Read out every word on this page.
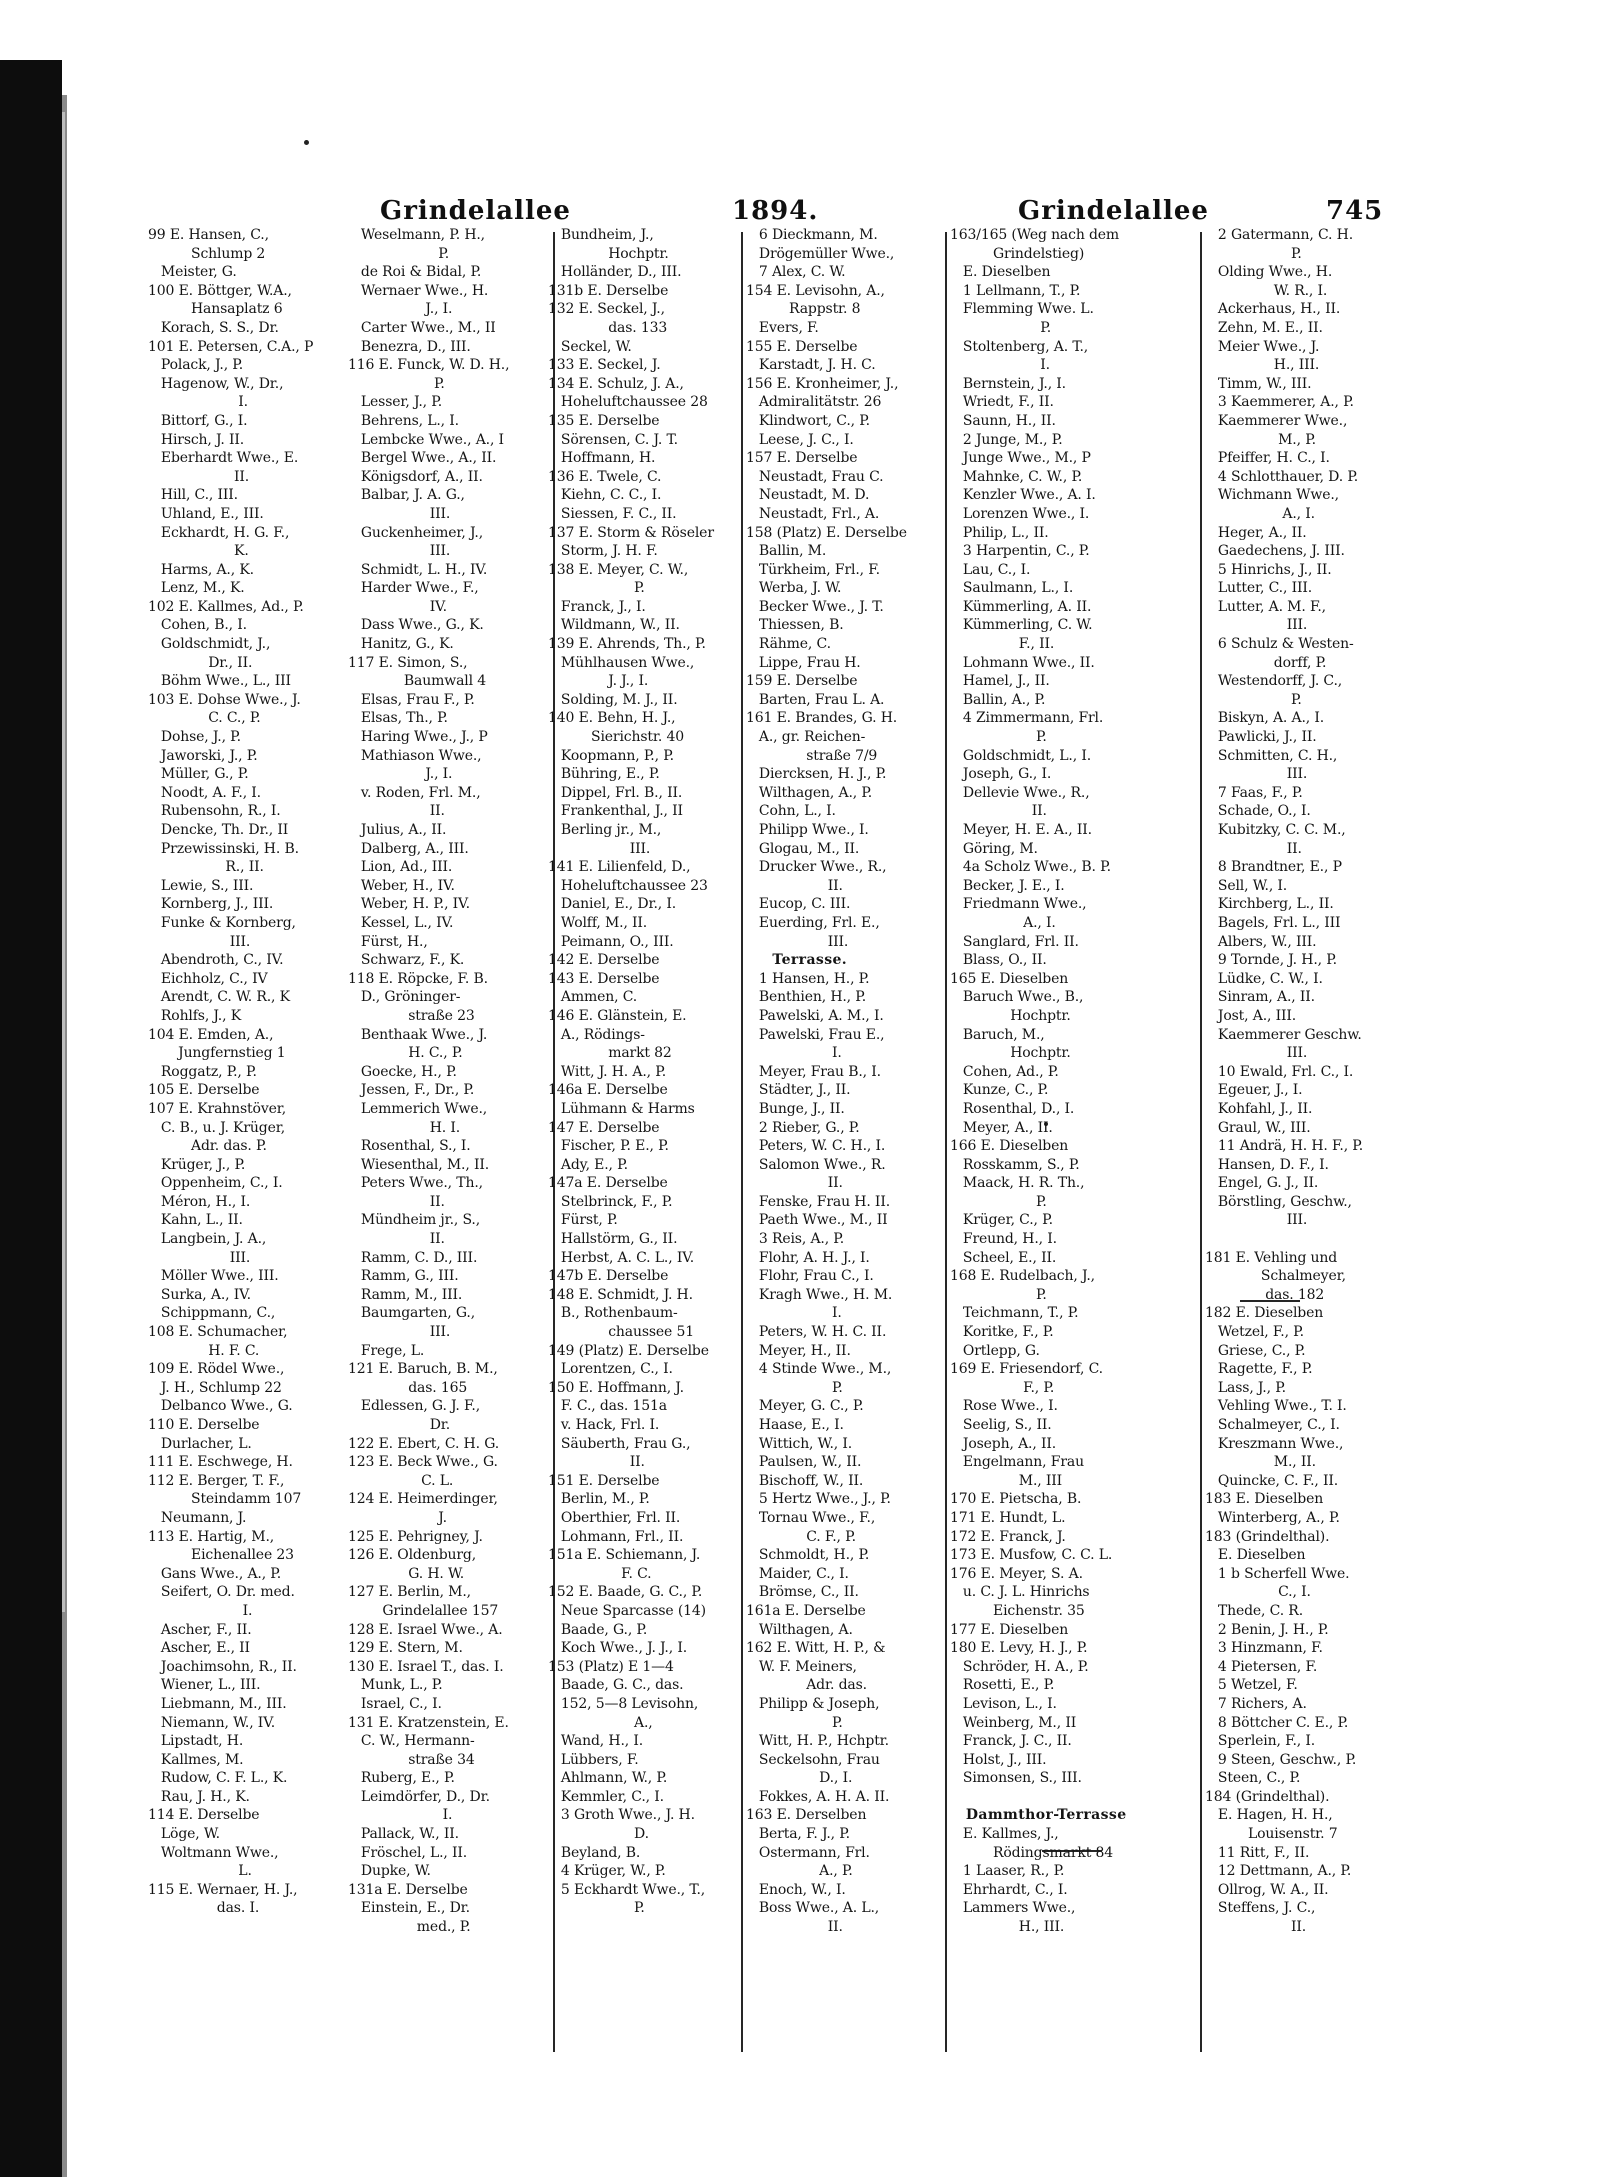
Grindelallee	1894.	Grindelallee	745
99 E. Hansen, C.,
Schlump 2
Meister, G.
100 E. Böttger, W.A.,
Hansaplatz 6
Korach, S. S., Dr.
101 E. Petersen, C.A., P
Polack, J., P.
Hagenow, W., Dr.,
I.
Bittorf, G., I.
Hirsch, J. II.
Eberhardt Wwe., E.
II.
Hill, C., III.
Uhland, E., III.
Eckhardt, H. G. F.,
K.
Harms, A., K.
Lenz, M., K.
102 E. Kallmes, Ad., P.
Cohen, B., I.
Goldschmidt, J.,
Dr., II.
Böhm Wwe., L., III
103 E. Dohse Wwe., J.
C. C., P.
Dohse, J., P.
Jaworski, J., P.
Müller, G., P.
Noodt, A. F., I.
Rubensohn, R., I.
Dencke, Th. Dr., II
Przewissinski, H. B.
R., II.
Lewie, S., III.
Kornberg, J., III.
Funke & Kornberg,
III.
Abendroth, C., IV.
Eichholz, C., IV
Arendt, C. W. R., K
Rohlfs, J., K
104 E. Emden, A.,
Jungfernstieg 1
Roggatz, P., P.
105 E. Derselbe
107 E. Krahnstöver,
C. B., u. J. Krüger,
Adr. das. P.
Krüger, J., P.
Oppenheim, C., I.
Méron, H., I.
Kahn, L., II.
Langbein, J. A.,
III.
Möller Wwe., III.
Surka, A., IV.
Schippmann, C.,
108 E. Schumacher,
H. F. C.
109 E. Rödel Wwe.,
J. H., Schlump 22
Delbanco Wwe., G.
110 E. Derselbe
Durlacher, L.
111 E. Eschwege, H.
112 E. Berger, T. F.,
Steindamm 107
Neumann, J.
113 E. Hartig, M.,
Eichenallee 23
Gans Wwe., A., P.
Seifert, O. Dr. med.
I.
Ascher, F., II.
Ascher, E., II
Joachimsohn, R., II.
Wiener, L., III.
Liebmann, M., III.
Niemann, W., IV.
Lipstadt, H.
Kallmes, M.
Rudow, C. F. L., K.
Rau, J. H., K.
114 E. Derselbe
Löge, W.
Woltmann Wwe.,
L.
115 E. Wernaer, H. J.,
das. I.
Weselmann, P. H.,
P.
de Roi & Bidal, P.
Wernaer Wwe., H.
J., I.
Carter Wwe., M., II
Benezra, D., III.
116 E. Funck, W. D. H.,
P.
Lesser, J., P.
Behrens, L., I.
Lembcke Wwe., A., I
Bergel Wwe., A., II.
Königsdorf, A., II.
Balbar, J. A. G.,
III.
Guckenheimer, J.,
III.
Schmidt, L. H., IV.
Harder Wwe., F.,
IV.
Dass Wwe., G., K.
Hanitz, G., K.
117 E. Simon, S.,
Baumwall 4
Elsas, Frau F., P.
Elsas, Th., P.
Haring Wwe., J., P
Mathiason Wwe.,
J., I.
v. Roden, Frl. M.,
II.
Julius, A., II.
Dalberg, A., III.
Lion, Ad., III.
Weber, H., IV.
Weber, H. P., IV.
Kessel, L., IV.
Fürst, H.,
Schwarz, F., K.
118 E. Röpcke, F. B.
D., Gröninger-
straße 23
Benthaak Wwe., J.
H. C., P.
Goecke, H., P.
Jessen, F., Dr., P.
Lemmerich Wwe.,
H. I.
Rosenthal, S., I.
Wiesenthal, M., II.
Peters Wwe., Th.,
II.
Mündheim jr., S.,
II.
Ramm, C. D., III.
Ramm, G., III.
Ramm, M., III.
Baumgarten, G.,
III.
Frege, L.
121 E. Baruch, B. M.,
das. 165
Edlessen, G. J. F.,
Dr.
122 E. Ebert, C. H. G.
123 E. Beck Wwe., G.
C. L.
124 E. Heimerdinger,
J.
125 E. Pehrigney, J.
126 E. Oldenburg,
G. H. W.
127 E. Berlin, M.,
Grindelallee 157
128 E. Israel Wwe., A.
129 E. Stern, M.
130 E. Israel T., das. I.
Munk, L., P.
Israel, C., I.
131 E. Kratzenstein, E.
C. W., Hermann-
straße 34
Ruberg, E., P.
Leimdörfer, D., Dr.
I.
Pallack, W., II.
Fröschel, L., II.
Dupke, W.
131a E. Derselbe
Einstein, E., Dr.
med., P.
Bundheim, J.,
Hochptr.
Holländer, D., III.
131b E. Derselbe
132 E. Seckel, J.,
das. 133
Seckel, W.
133 E. Seckel, J.
134 E. Schulz, J. A.,
Hoheluftchaussee 28
135 E. Derselbe
Sörensen, C. J. T.
Hoffmann, H.
136 E. Twele, C.
Kiehn, C. C., I.
Siessen, F. C., II.
137 E. Storm & Röseler
Storm, J. H. F.
138 E. Meyer, C. W.,
P.
Franck, J., I.
Wildmann, W., II.
139 E. Ahrends, Th., P.
Mühlhausen Wwe.,
J. J., I.
Solding, M. J., II.
140 E. Behn, H. J.,
Sierichstr. 40
Koopmann, P., P.
Bühring, E., P.
Dippel, Frl. B., II.
Frankenthal, J., II
Berling jr., M.,
III.
141 E. Lilienfeld, D.,
Hoheluftchaussee 23
Daniel, E., Dr., I.
Wolff, M., II.
Peimann, O., III.
142 E. Derselbe
143 E. Derselbe
Ammen, C.
146 E. Glänstein, E.
A., Rödings-
markt 82
Witt, J. H. A., P.
146a E. Derselbe
Lühmann & Harms
147 E. Derselbe
Fischer, P. E., P.
Ady, E., P.
147a E. Derselbe
Stelbrinck, F., P.
Fürst, P.
Hallstörm, G., II.
Herbst, A. C. L., IV.
147b E. Derselbe
148 E. Schmidt, J. H.
B., Rothenbaum-
chaussee 51
149 (Platz) E. Derselbe
Lorentzen, C., I.
150 E. Hoffmann, J.
F. C., das. 151a
v. Hack, Frl. I.
Säuberth, Frau G.,
II.
151 E. Derselbe
Berlin, M., P.
Oberthier, Frl. II.
Lohmann, Frl., II.
151a E. Schiemann, J.
F. C.
152 E. Baade, G. C., P.
Neue Sparcasse (14)
Baade, G., P.
Koch Wwe., J. J., I.
153 (Platz) E 1—4
Baade, G. C., das.
152, 5—8 Levisohn,
A.,
Wand, H., I.
Lübbers, F.
Ahlmann, W., P.
Kemmler, C., I.
3 Groth Wwe., J. H.
D.
Beyland, B.
4 Krüger, W., P.
5 Eckhardt Wwe., T.,
P.
6 Dieckmann, M.
Drögemüller Wwe.,
7 Alex, C. W.
154 E. Levisohn, A.,
Rappstr. 8
Evers, F.
155 E. Derselbe
Karstadt, J. H. C.
156 E. Kronheimer, J.,
Admiralitätstr. 26
Klindwort, C., P.
Leese, J. C., I.
157 E. Derselbe
Neustadt, Frau C.
Neustadt, M. D.
Neustadt, Frl., A.
158 (Platz) E. Derselbe
Ballin, M.
Türkheim, Frl., F.
Werba, J. W.
Becker Wwe., J. T.
Thiessen, B.
Rähme, C.
Lippe, Frau H.
159 E. Derselbe
Barten, Frau L. A.
161 E. Brandes, G. H.
A., gr. Reichen-
straße 7/9
Diercksen, H. J., P.
Wilthagen, A., P.
Cohn, L., I.
Philipp Wwe., I.
Glogau, M., II.
Drucker Wwe., R.,
II.
Eucop, C. III.
Euerding, Frl. E.,
III.
Terrasse.
1 Hansen, H., P.
Benthien, H., P.
Pawelski, A. M., I.
Pawelski, Frau E.,
I.
Meyer, Frau B., I.
Städter, J., II.
Bunge, J., II.
2 Rieber, G., P.
Peters, W. C. H., I.
Salomon Wwe., R.
II.
Fenske, Frau H. II.
Paeth Wwe., M., II
3 Reis, A., P.
Flohr, A. H. J., I.
Flohr, Frau C., I.
Kragh Wwe., H. M.
I.
Peters, W. H. C. II.
Meyer, H., II.
4 Stinde Wwe., M.,
P.
Meyer, G. C., P.
Haase, E., I.
Wittich, W., I.
Paulsen, W., II.
Bischoff, W., II.
5 Hertz Wwe., J., P.
Tornau Wwe., F.,
C. F., P.
Schmoldt, H., P.
Maider, C., I.
Brömse, C., II.
161a E. Derselbe
Wilthagen, A.
162 E. Witt, H. P., &
W. F. Meiners,
Adr. das.
Philipp & Joseph,
P.
Witt, H. P., Hchptr.
Seckelsohn, Frau
D., I.
Fokkes, A. H. A. II.
163 E. Derselben
Berta, F. J., P.
Ostermann, Frl.
A., P.
Enoch, W., I.
Boss Wwe., A. L.,
II.
163/165 (Weg nach dem
Grindelstieg)
E. Dieselben
1 Lellmann, T., P.
Flemming Wwe. L.
P.
Stoltenberg, A. T.,
I.
Bernstein, J., I.
Wriedt, F., II.
Saunn, H., II.
2 Junge, M., P.
Junge Wwe., M., P
Mahnke, C. W., P.
Kenzler Wwe., A. I.
Lorenzen Wwe., I.
Philip, L., II.
3 Harpentin, C., P.
Lau, C., I.
Saulmann, L., I.
Kümmerling, A. II.
Kümmerling, C. W.
F., II.
Lohmann Wwe., II.
Hamel, J., II.
Ballin, A., P.
4 Zimmermann, Frl.
P.
Goldschmidt, L., I.
Joseph, G., I.
Dellevie Wwe., R.,
II.
Meyer, H. E. A., II.
Göring, M.
4a Scholz Wwe., B. P.
Becker, J. E., I.
Friedmann Wwe.,
A., I.
Sanglard, Frl. II.
Blass, O., II.
165 E. Dieselben
Baruch Wwe., B.,
Hochptr.
Baruch, M.,
Hochptr.
Cohen, Ad., P.
Kunze, C., P.
Rosenthal, D., I.
Meyer, A., II.
166 E. Dieselben
Rosskamm, S., P.
Maack, H. R. Th.,
P.
Krüger, C., P.
Freund, H., I.
Scheel, E., II.
168 E. Rudelbach, J.,
P.
Teichmann, T., P.
Koritke, F., P.
Ortlepp, G.
169 E. Friesendorf, C.
F., P.
Rose Wwe., I.
Seelig, S., II.
Joseph, A., II.
Engelmann, Frau
M., III
170 E. Pietscha, B.
171 E. Hundt, L.
172 E. Franck, J.
173 E. Musfow, C. C. L.
176 E. Meyer, S. A.
u. C. J. L. Hinrichs
Eichenstr. 35
177 E. Dieselben
180 E. Levy, H. J., P.
Schröder, H. A., P.
Rosetti, E., P.
Levison, L., I.
Weinberg, M., II
Franck, J. C., II.
Holst, J., III.
Simonsen, S., III.
Dammthor-Terrasse
E. Kallmes, J.,
Rödingsmarkt 84
1 Laaser, R., P.
Ehrhardt, C., I.
Lammers Wwe.,
H., III.
2 Gatermann, C. H.
P.
Olding Wwe., H.
W. R., I.
Ackerhaus, H., II.
Zehn, M. E., II.
Meier Wwe., J.
H., III.
Timm, W., III.
3 Kaemmerer, A., P.
Kaemmerer Wwe.,
M., P.
Pfeiffer, H. C., I.
4 Schlotthauer, D. P.
Wichmann Wwe.,
A., I.
Heger, A., II.
Gaedechens, J. III.
5 Hinrichs, J., II.
Lutter, C., III.
Lutter, A. M. F.,
III.
6 Schulz & Westen-
dorff, P.
Westendorff, J. C.,
P.
Biskyn, A. A., I.
Pawlicki, J., II.
Schmitten, C. H.,
III.
7 Faas, F., P.
Schade, O., I.
Kubitzky, C. C. M.,
II.
8 Brandtner, E., P
Sell, W., I.
Kirchberg, L., II.
Bagels, Frl. L., III
Albers, W., III.
9 Tornde, J. H., P.
Lüdke, C. W., I.
Sinram, A., II.
Jost, A., III.
Kaemmerer Geschw.
III.
10 Ewald, Frl. C., I.
Egeuer, J., I.
Kohfahl, J., II.
Graul, W., III.
11 Andrä, H. H. F., P.
Hansen, D. F., I.
Engel, G. J., II.
Börstling, Geschw.,
III.
181 E. Vehling und
Schalmeyer,
das. 182
182 E. Dieselben
Wetzel, F., P.
Griese, C., P.
Ragette, F., P.
Lass, J., P.
Vehling Wwe., T. I.
Schalmeyer, C., I.
Kreszmann Wwe.,
M., II.
Quincke, C. F., II.
183 E. Dieselben
Winterberg, A., P.
183 (Grindelthal).
E. Dieselben
1 b Scherfell Wwe.
C., I.
Thede, C. R.
2 Benin, J. H., P.
3 Hinzmann, F.
4 Pietersen, F.
5 Wetzel, F.
7 Richers, A.
8 Böttcher C. E., P.
Sperlein, F., I.
9 Steen, Geschw., P.
Steen, C., P.
184 (Grindelthal).
E. Hagen, H. H.,
Louisenstr. 7
11 Ritt, F., II.
12 Dettmann, A., P.
Ollrog, W. A., II.
Steffens, J. C.,
II.
